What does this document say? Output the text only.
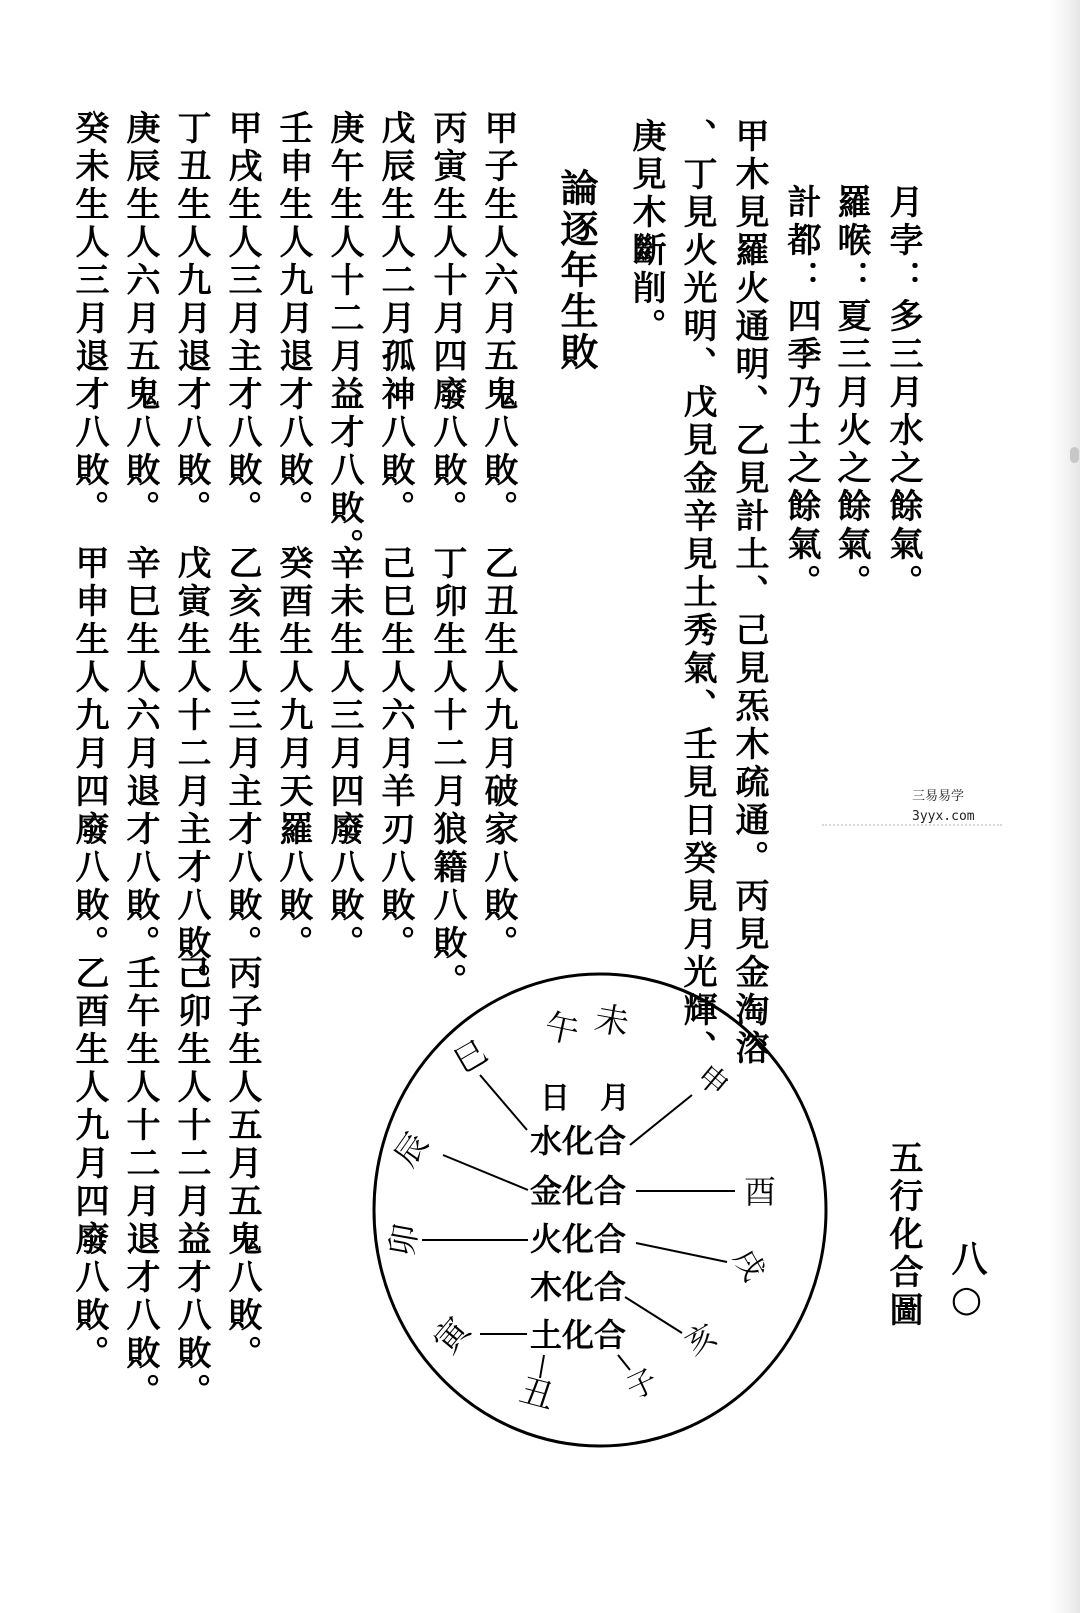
月孛：多三月水之餘氣。
羅喉：夏三月火之餘氣。
計都：四季乃土之餘氣。
甲木見羅火通明、乙見計土、己見炁木疏通。丙見金淘溶
、丁見火光明、戊見金辛見土秀氣、壬見日癸見月光輝、
庚見木斷削。
論逐年生敗
甲子生人六月五鬼八敗。
丙寅生人十月四廢八敗。
戊辰生人二月孤神八敗。
庚午生人十二月益才八敗。
壬申生人九月退才八敗。
甲戌生人三月主才八敗。
丁丑生人九月退才八敗。
庚辰生人六月五鬼八敗。
癸未生人三月退才八敗。
乙丑生人九月破家八敗。
丁卯生人十二月狼籍八敗。
己巳生人六月羊刃八敗。
辛未生人三月四廢八敗。
癸酉生人九月天羅八敗。
乙亥生人三月主才八敗。
戊寅生人十二月主才八敗。
辛巳生人六月退才八敗。
甲申生人九月四廢八敗。
丙子生人五月五鬼八敗。
己卯生人十二月益才八敗。
壬午生人十二月退才八敗。
乙酉生人九月四廢八敗。	八○
五行化合圖
三易易学
3yyx.com
日 月
水化合
金化合
火化合
木化合
土化合
午 未
申
巳
酉
辰
戌
卯
亥
寅
子
丑
